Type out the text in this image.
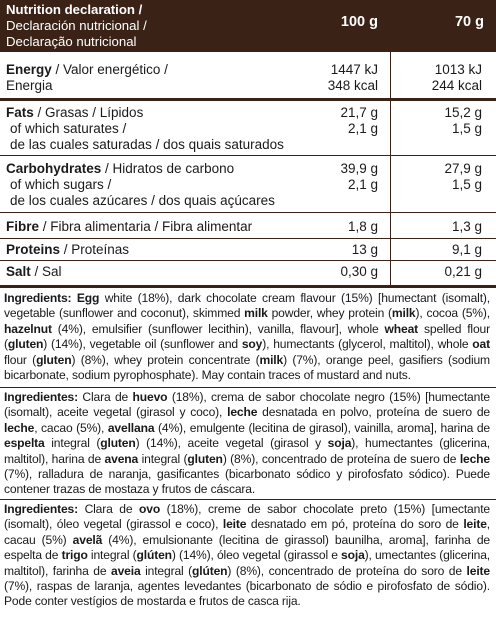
Nutrition declaration /
Declaración nutricional /
Declaração nutricional
100 g	70 g
Energy / Valor energético /	1447 kJ	1013 kJ
Energia	348 kcal	244 kcal
Fats / Grasas / Lípidos	21,7 g	15,2 g
of which saturates /	2,1 g	1,5 g
de las cuales saturadas / dos quais saturados
Carbohydrates / Hidratos de carbono	39,9 g	27,9 g
of which sugars /	2,1 g	1,5 g
de los cuales azúcares / dos quais açúcares
Fibre / Fibra alimentaria / Fibra alimentar	1,8 g	1,3 g
Proteins / Proteínas	13 g	9,1 g
Salt / Sal	0,30 g	0,21 g
Ingredients: Egg white (18%), dark chocolate cream flavour (15%) [humectant (isomalt), vegetable (sunflower and coconut), skimmed milk powder, whey protein (milk), cocoa (5%), hazelnut (4%), emulsifier (sunflower lecithin), vanilla, flavour], whole wheat spelled flour (gluten) (14%), vegetable oil (sunflower and soy), humectants (glycerol, maltitol), whole oat flour (gluten) (8%), whey protein concentrate (milk) (7%), orange peel, gasifiers (sodium bicarbonate, sodium pyrophosphate). May contain traces of mustard and nuts.
Ingredientes: Clara de huevo (18%), crema de sabor chocolate negro (15%) [humectante (isomalt), aceite vegetal (girasol y coco), leche desnatada en polvo, proteína de suero de leche, cacao (5%), avellana (4%), emulgente (lecitina de girasol), vainilla, aroma], harina de espelta integral (gluten) (14%), aceite vegetal (girasol y soja), humectantes (glicerina, maltitol), harina de avena integral (gluten) (8%), concentrado de proteína de suero de leche (7%), ralladura de naranja, gasificantes (bicarbonato sódico y pirofosfato sódico). Puede contener trazas de mostaza y frutos de cáscara.
Ingredientes: Clara de ovo (18%), creme de sabor chocolate preto (15%) [umectante (isomalt), óleo vegetal (girassol e coco), leite desnatado em pó, proteína do soro de leite, cacau (5%) avelã (4%), emulsionante (lecitina de girassol) baunilha, aroma], farinha de espelta de trigo integral (glúten) (14%), óleo vegetal (girassol e soja), umectantes (glicerina, maltitol), farinha de aveia integral (glúten) (8%), concentrado de proteína do soro de leite (7%), raspas de laranja, agentes levedantes (bicarbonato de sódio e pirofosfato de sódio). Pode conter vestígios de mostarda e frutos de casca rija.
